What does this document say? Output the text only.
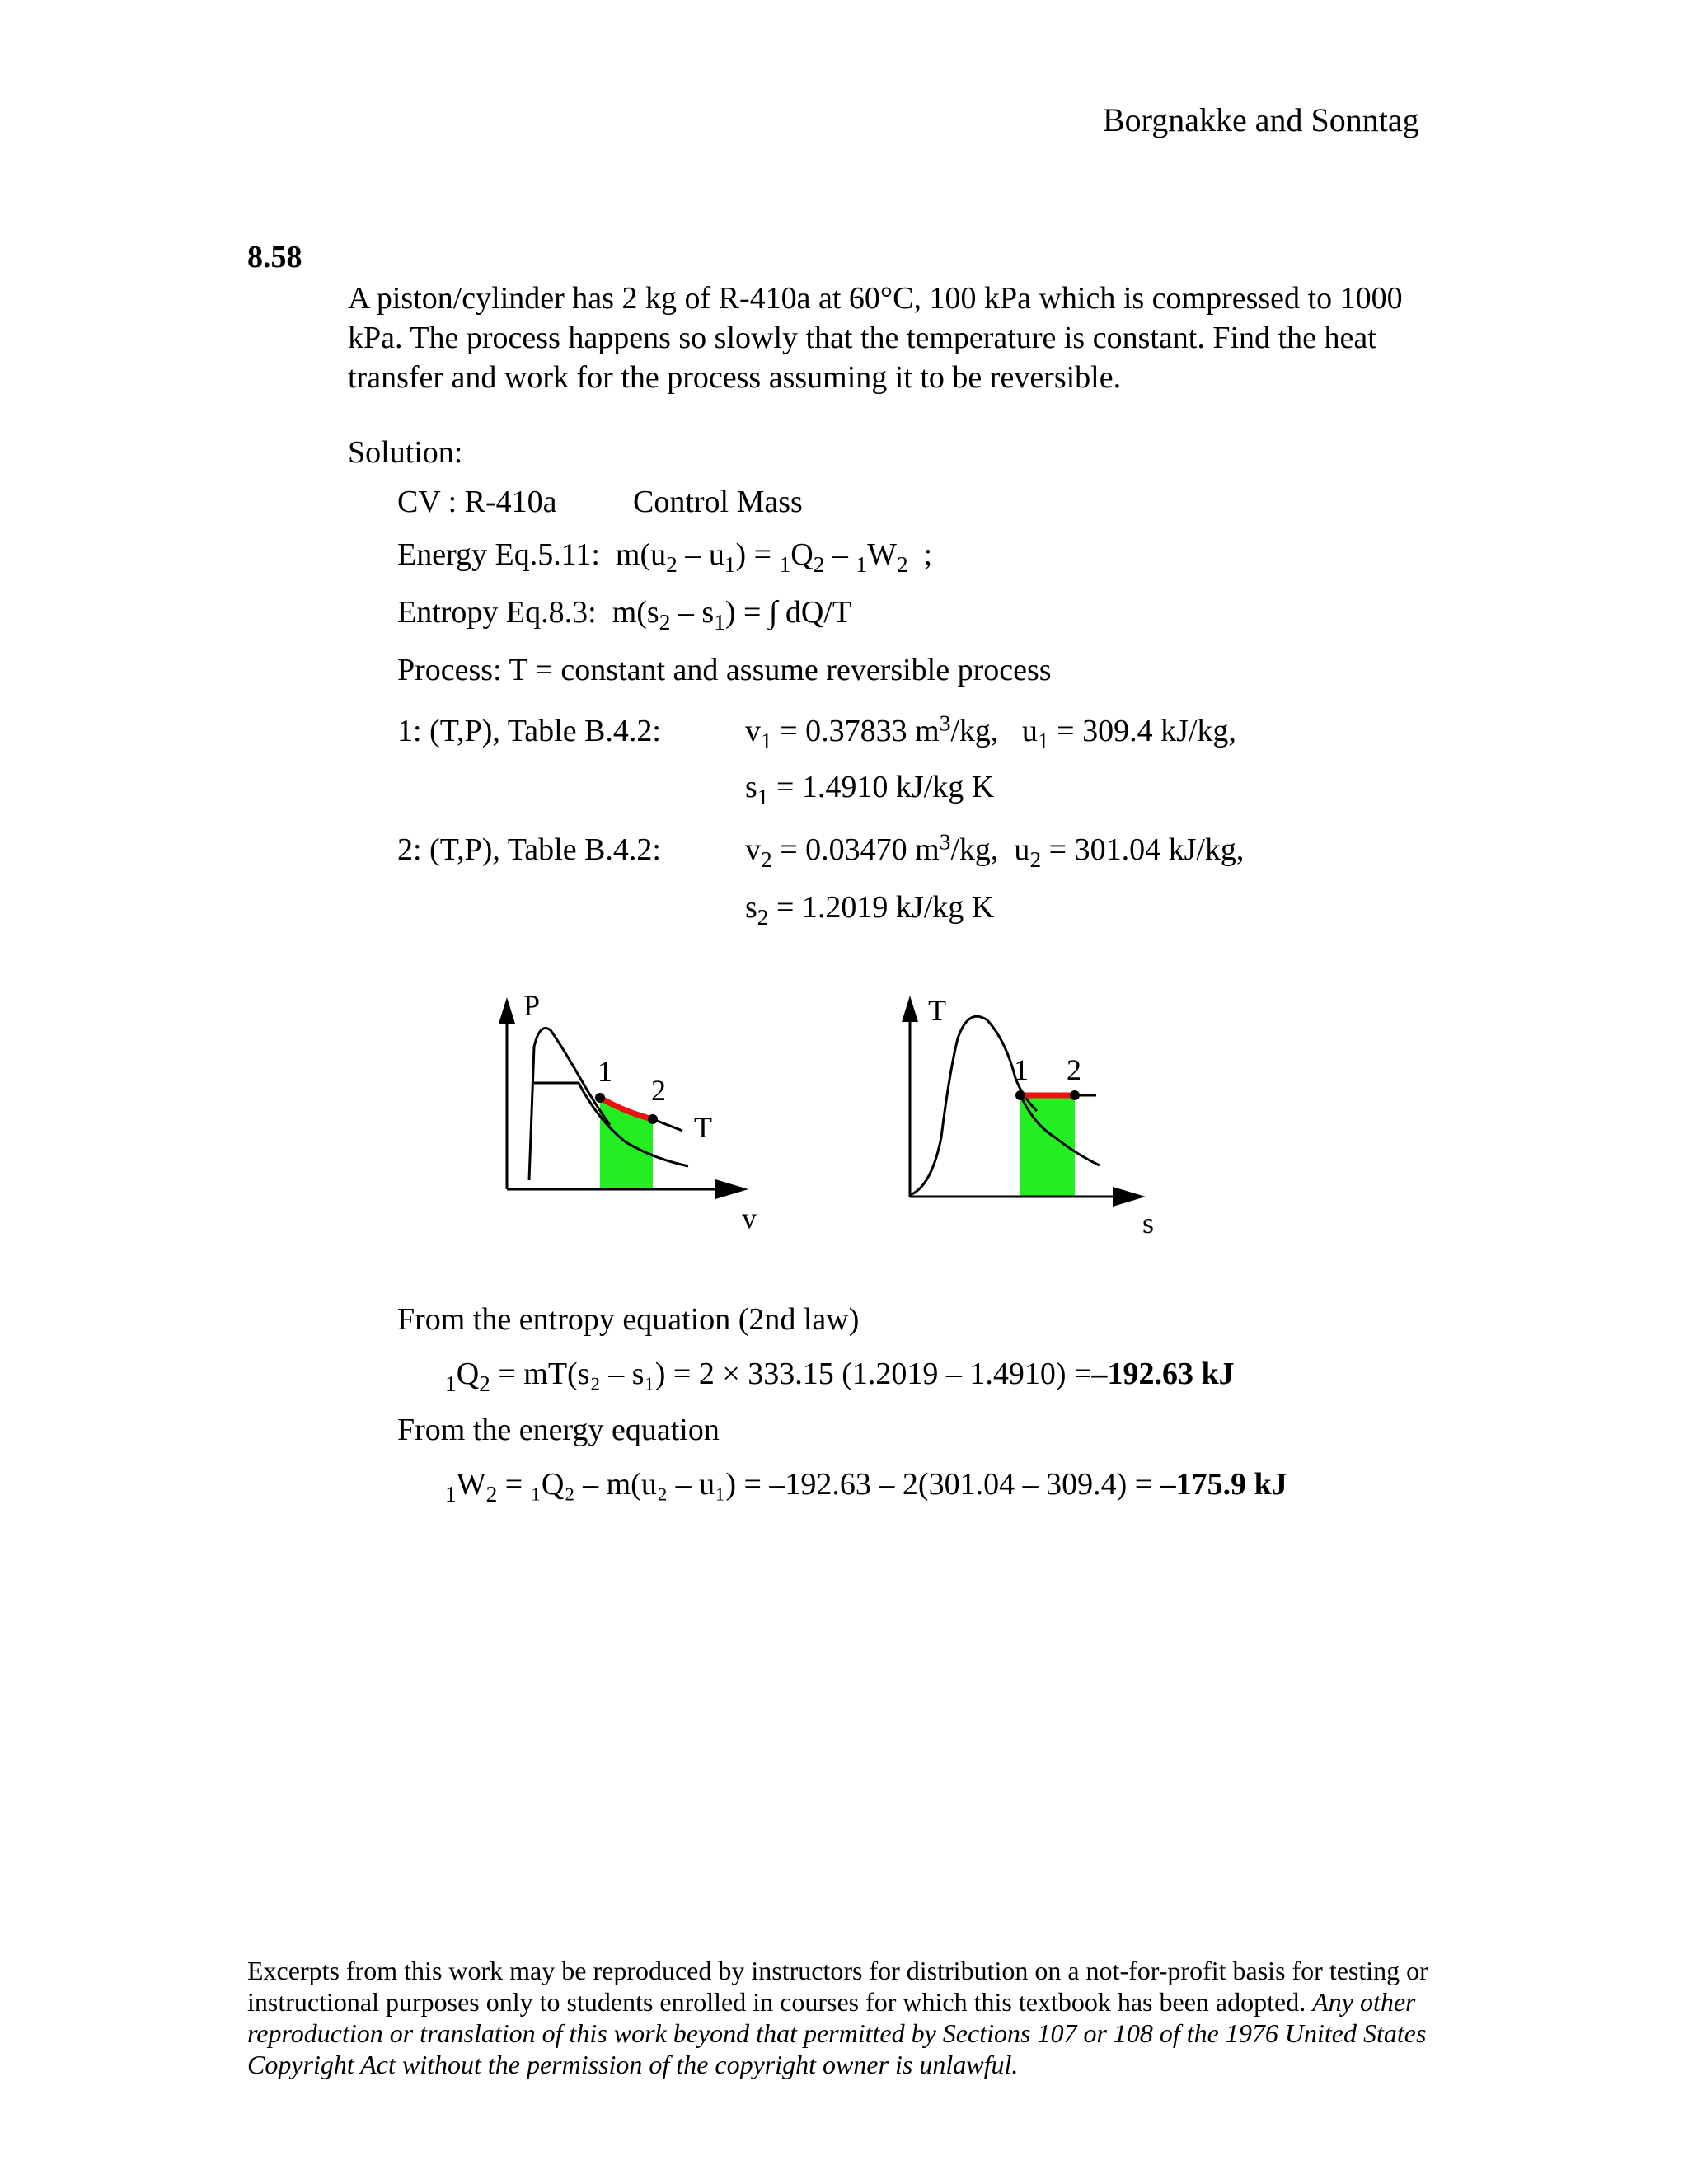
Borgnakke and Sonntag
8.58
A piston/cylinder has 2 kg of R-410a at 60°C, 100 kPa which is compressed to 1000 kPa. The process happens so slowly that the temperature is constant. Find the heat transfer and work for the process assuming it to be reversible.
Solution:
CV : R-410a Control Mass
Energy Eq.5.11:  $m(u_2 - u_1) = _1Q_2 - _1W_2$  ;
Entropy Eq.8.3:  $m(s_2 - s_1)$ = ∫ dQ/T
Process: T = constant and assume reversible process
1: (T,P), Table B.4.2:	$v_1 = 0.37833$ $m^3/kg$,   $u_1 = 309.4$ kJ/kg,
$s_1 = 1.4910$ kJ/kg K
2: (T,P), Table B.4.2:	$v_2 = 0.03470$ $m^3/kg$,  $u_2 = 301.04$ kJ/kg,
$s_2 = 1.2019$ kJ/kg K
P
v
T
1
2
T
s
1 2
From the entropy equation (2nd law)
$_1Q_2 = mT(s_2 - s_1) = 2 \times 333.15$ (1.2019 – 1.4910) =–192.63 kJ
From the energy equation
$_1W_2 = _1Q_2 - m(u_2 - u_1) = -192.63 - 2(301.04 - 309.4) = -175.9$ kJ
Excerpts from this work may be reproduced by instructors for distribution on a not-for-profit basis for testing or instructional purposes only to students enrolled in courses for which this textbook has been adopted. Any other reproduction or translation of this work beyond that permitted by Sections 107 or 108 of the 1976 United States Copyright Act without the permission of the copyright owner is unlawful.
